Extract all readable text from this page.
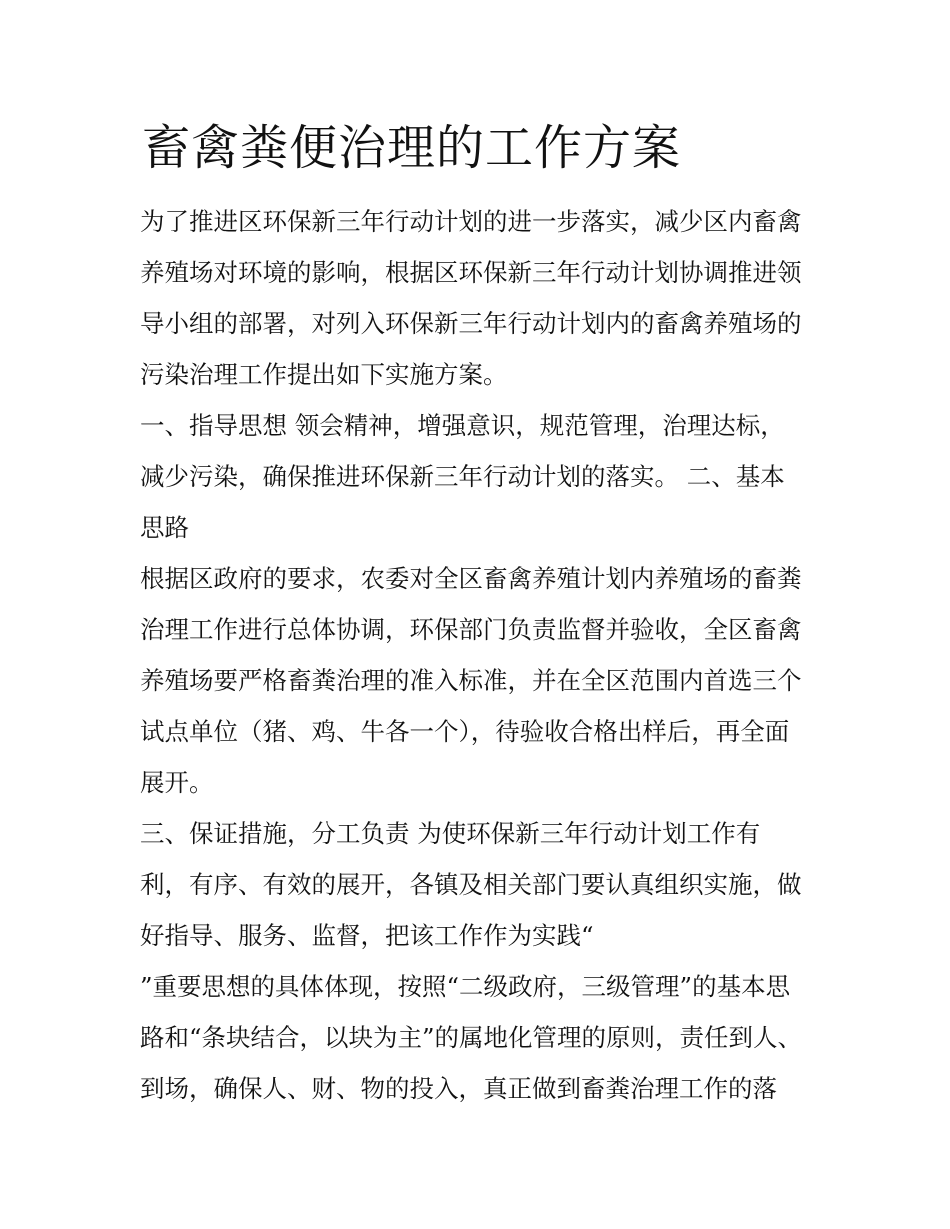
畜禽粪便治理的工作方案

为了推进区环保新三年行动计划的进一步落实，减少区内畜禽

养殖场对环境的影响，根据区环保新三年行动计划协调推进领

导小组的部署，对列入环保新三年行动计划内的畜禽养殖场的

污染治理工作提出如下实施方案。

一、指导思想 领会精神，增强意识，规范管理，治理达标，

减少污染，确保推进环保新三年行动计划的落实。 二、基本

思路

根据区政府的要求，农委对全区畜禽养殖计划内养殖场的畜粪

治理工作进行总体协调，环保部门负责监督并验收，全区畜禽

养殖场要严格畜粪治理的准入标准，并在全区范围内首选三个

试点单位（猪、鸡、牛各一个），待验收合格出样后，再全面

展开。

三、保证措施，分工负责 为使环保新三年行动计划工作有

利，有序、有效的展开，各镇及相关部门要认真组织实施，做

好指导、服务、监督，把该工作作为实践“

”重要思想的具体体现，按照“二级政府，三级管理”的基本思

路和“条块结合，以块为主”的属地化管理的原则，责任到人、

到场，确保人、财、物的投入，真正做到畜粪治理工作的落
